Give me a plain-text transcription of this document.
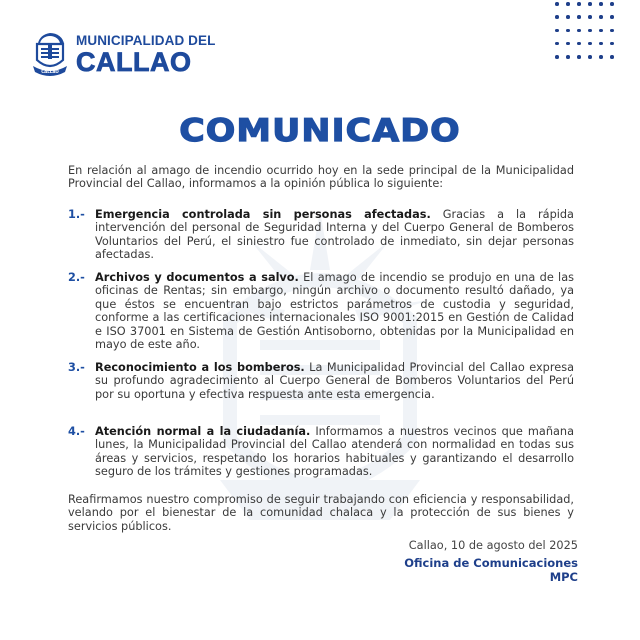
CALLAO
MUNICIPALIDAD DEL
CALLAO
COMUNICADO
En relación al amago de incendio ocurrido hoy en la sede principal de la Municipalidad Provincial del Callao, informamos a la opinión pública lo siguiente:
1.- Emergencia controlada sin personas afectadas. Gracias a la rápida intervención del personal de Seguridad Interna y del Cuerpo General de Bomberos Voluntarios del Perú, el siniestro fue controlado de inmediato, sin dejar personas afectadas.
2.- Archivos y documentos a salvo. El amago de incendio se produjo en una de las oficinas de Rentas; sin embargo, ningún archivo o documento resultó dañado, ya que éstos se encuentran bajo estrictos parámetros de custodia y seguridad, conforme a las certificaciones internacionales ISO 9001:2015 en Gestión de Calidad e ISO 37001 en Sistema de Gestión Antisoborno, obtenidas por la Municipalidad en mayo de este año.
3.- Reconocimiento a los bomberos. La Municipalidad Provincial del Callao expresa su profundo agradecimiento al Cuerpo General de Bomberos Voluntarios del Perú por su oportuna y efectiva respuesta ante esta emergencia.
4.- Atención normal a la ciudadanía. Informamos a nuestros vecinos que mañana lunes, la Municipalidad Provincial del Callao atenderá con normalidad en todas sus áreas y servicios, respetando los horarios habituales y garantizando el desarrollo seguro de los trámites y gestiones programadas.
Reafirmamos nuestro compromiso de seguir trabajando con eficiencia y responsabilidad, velando por el bienestar de la comunidad chalaca y la protección de sus bienes y servicios públicos.
Callao, 10 de agosto del 2025
Oficina de Comunicaciones
MPC
